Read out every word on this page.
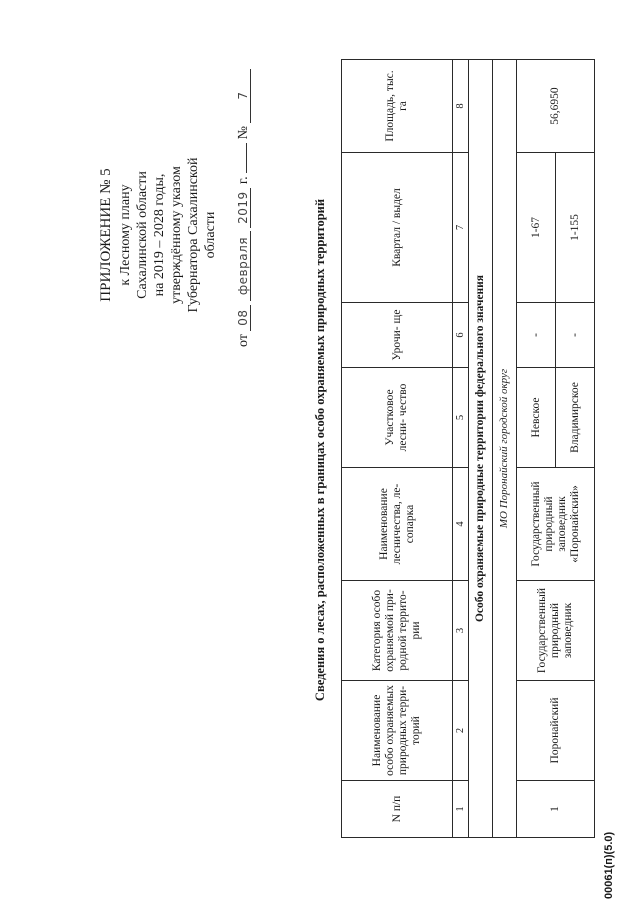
ПРИЛОЖЕНИЕ № 5 к Лесному плану Сахалинской области на 2019 – 2028 годы, утверждённому указом Губернатора Сахалинской области
от 08 февраля 2019 г.  № 7
Сведения о лесах, расположенных в границах особо охраняемых природных территорий
N п/п	Наименование особо охраняемых природных терри- торий	Категория особо охраняемой при- родной террито- рии	Наименование лесничества, ле- сопарка	Участковое лесни- чество	Урочи- ще	Квартал / выдел	Площадь, тыс. га
1	2	3	4	5	6	7	8
Особо охраняемые природные территории федерального значения							
МО Поронайский городской округ							
1	Поронайский	Государственный природный заповедник	Государственный природный заповедник «Поронайский»	Невское	-	1-67	56,6950
				Владимирское	-	1-155	
00061(п)(5.0)
